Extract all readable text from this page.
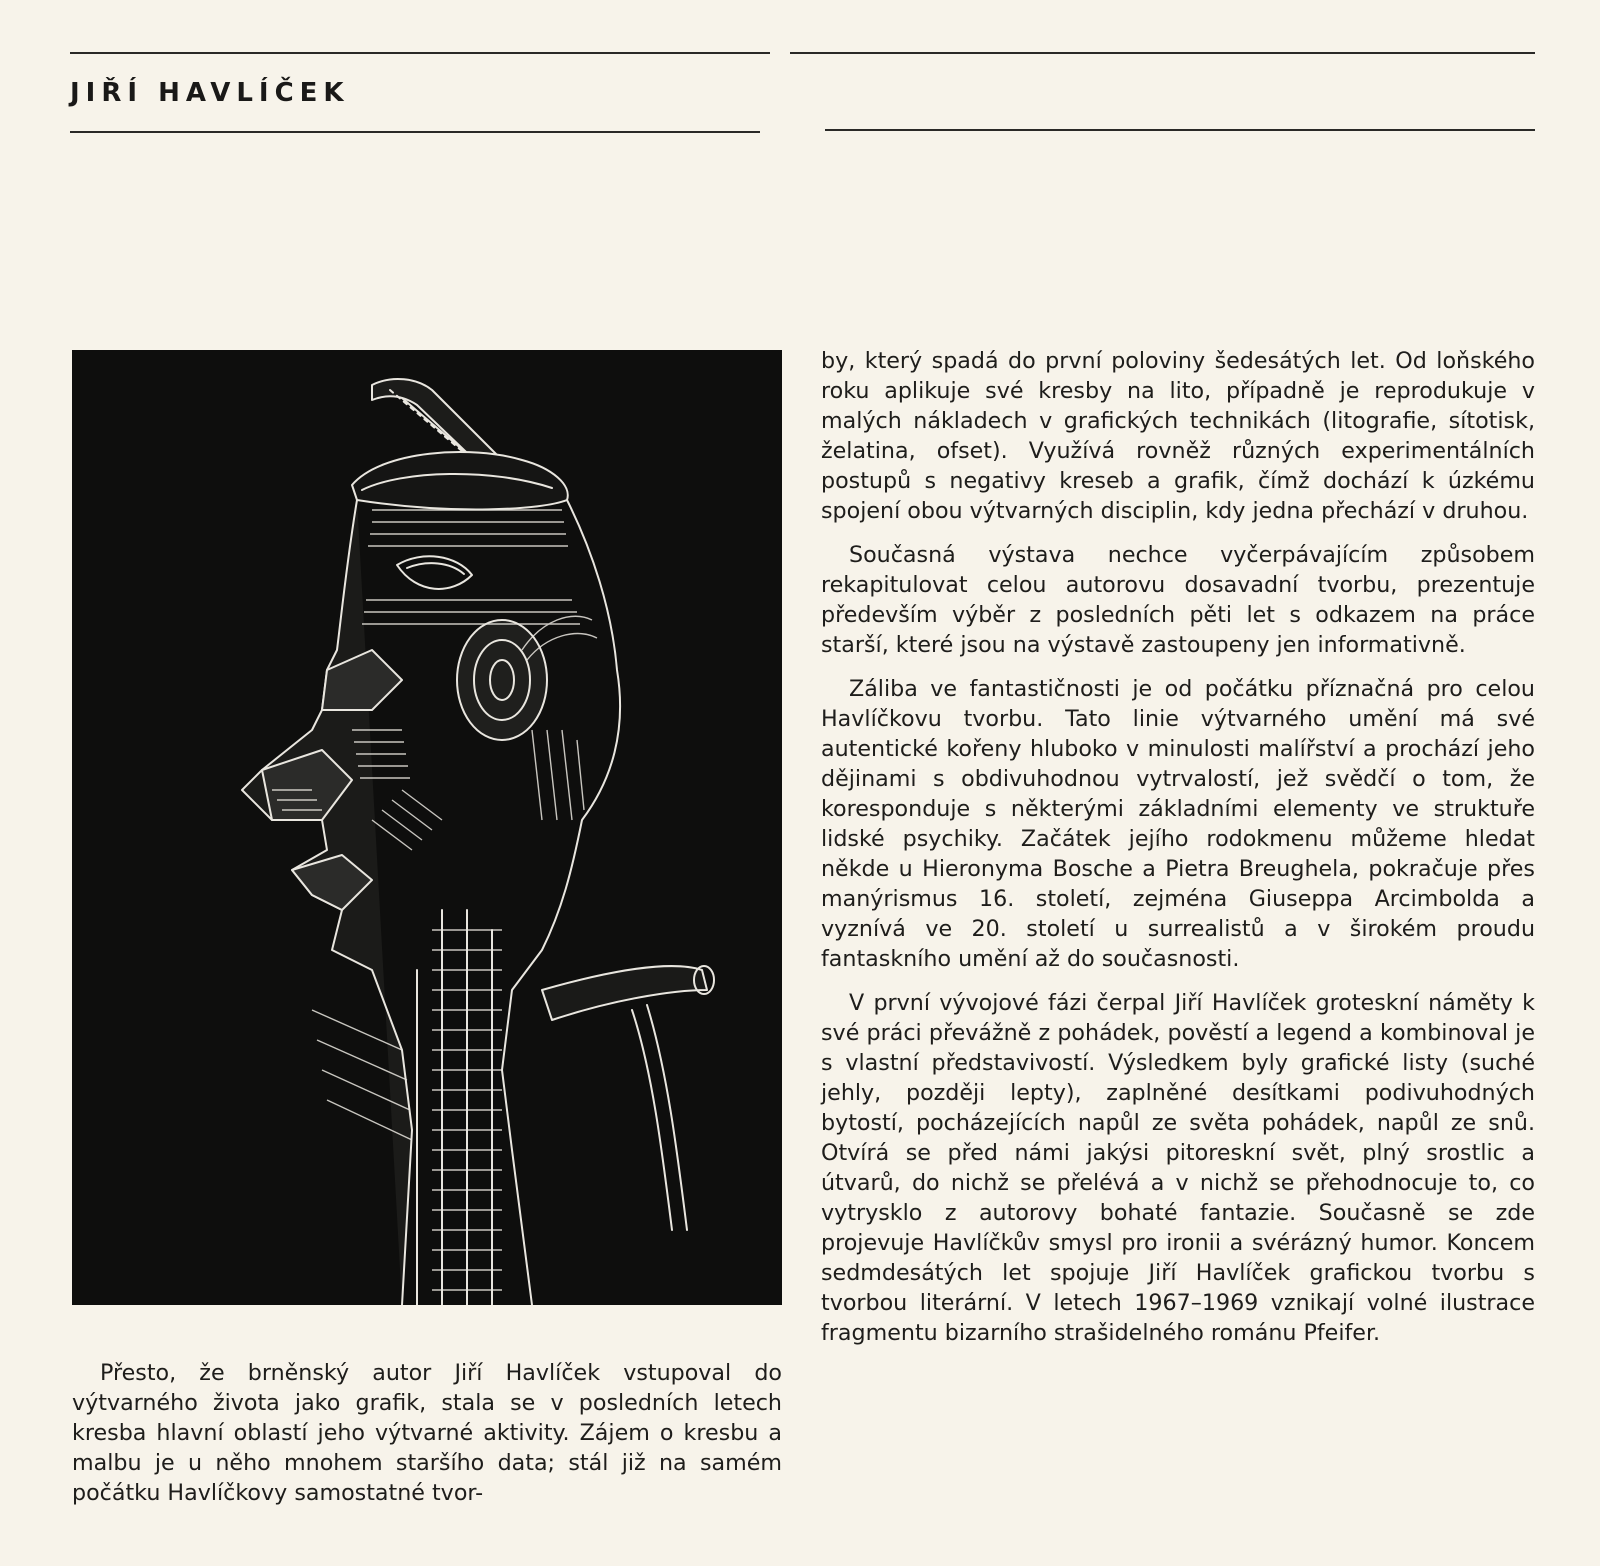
JIŘÍ HAVLÍČEK

Přesto, že brněnský autor Jiří Havlíček vstupoval do výtvarného života jako grafik, stala se v posledních letech kresba hlavní oblastí jeho výtvarné aktivity. Zájem o kresbu a malbu je u něho mnohem staršího data; stál již na samém počátku Havlíčkovy samostatné tvor-

by, který spadá do první poloviny šedesátých let. Od loňského roku aplikuje své kresby na lito, případně je reprodukuje v malých nákladech v grafických technikách (litografie, sítotisk, želatina, ofset). Využívá rovněž různých experimentálních postupů s negativy kreseb a grafik, čímž dochází k úzkému spojení obou výtvarných disciplin, kdy jedna přechází v druhou.

Současná výstava nechce vyčerpávajícím způsobem rekapitulovat celou autorovu dosavadní tvorbu, prezentuje především výběr z posledních pěti let s odkazem na práce starší, které jsou na výstavě zastoupeny jen informativně.

Záliba ve fantastičnosti je od počátku příznačná pro celou Havlíčkovu tvorbu. Tato linie výtvarného umění má své autentické kořeny hluboko v minulosti malířství a prochází jeho dějinami s obdivuhodnou vytrvalostí, jež svědčí o tom, že koresponduje s některými základními elementy ve struktuře lidské psychiky. Začátek jejího rodokmenu můžeme hledat někde u Hieronyma Bosche a Pietra Breughela, pokračuje přes manýrismus 16. století, zejména Giuseppa Arcimbolda a vyznívá ve 20. století u surrealistů a v širokém proudu fantaskního umění až do současnosti.

V první vývojové fázi čerpal Jiří Havlíček groteskní náměty k své práci převážně z pohádek, pověstí a legend a kombinoval je s vlastní představivostí. Výsledkem byly grafické listy (suché jehly, později lepty), zaplněné desítkami podivuhodných bytostí, pocházejících napůl ze světa pohádek, napůl ze snů. Otvírá se před námi jakýsi pitoreskní svět, plný srostlic a útvarů, do nichž se přelévá a v nichž se přehodnocuje to, co vytrysklo z autorovy bohaté fantazie. Současně se zde projevuje Havlíčkův smysl pro ironii a svérázný humor. Koncem sedmdesátých let spojuje Jiří Havlíček grafickou tvorbu s tvorbou literární. V letech 1967–1969 vznikají volné ilustrace fragmentu bizarního strašidelného románu Pfeifer.
